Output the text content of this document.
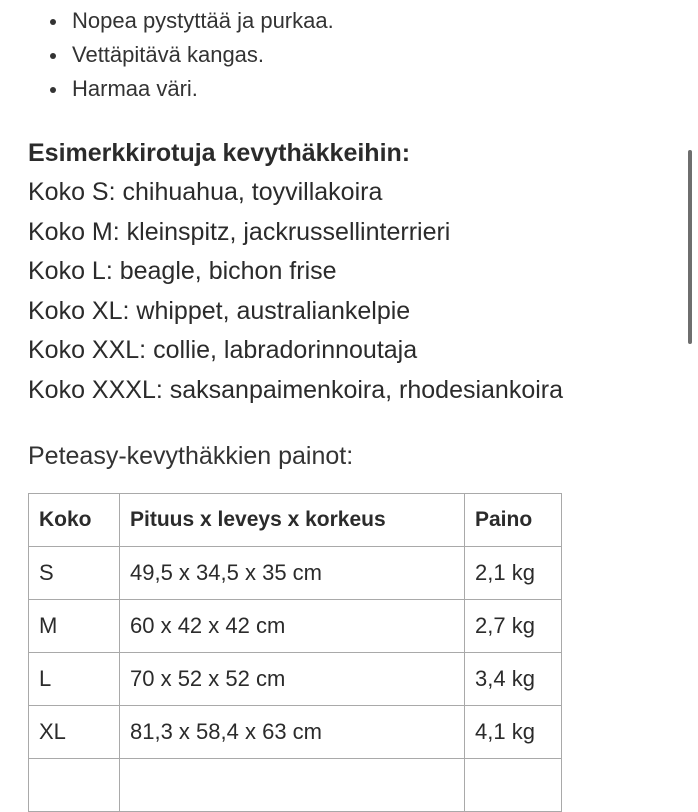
Nopea pystyttää ja purkaa.
Vettäpitävä kangas.
Harmaa väri.
Esimerkkirotuja kevythäkkeihin:
Koko S: chihuahua, toyvillakoira
Koko M: kleinspitz, jackrussellinterrieri
Koko L: beagle, bichon frise
Koko XL: whippet, australiankelpie
Koko XXL: collie, labradorinnoutaja
Koko XXXL: saksanpaimenkoira, rhodesiankoira
Peteasy-kevythäkkien painot:
Koko	Pituus x leveys x korkeus	Paino
S	49,5 x 34,5 x 35 cm	2,1 kg
M	60 x 42 x 42 cm	2,7 kg
L	70 x 52 x 52 cm	3,4 kg
XL	81,3 x 58,4 x 63 cm	4,1 kg
